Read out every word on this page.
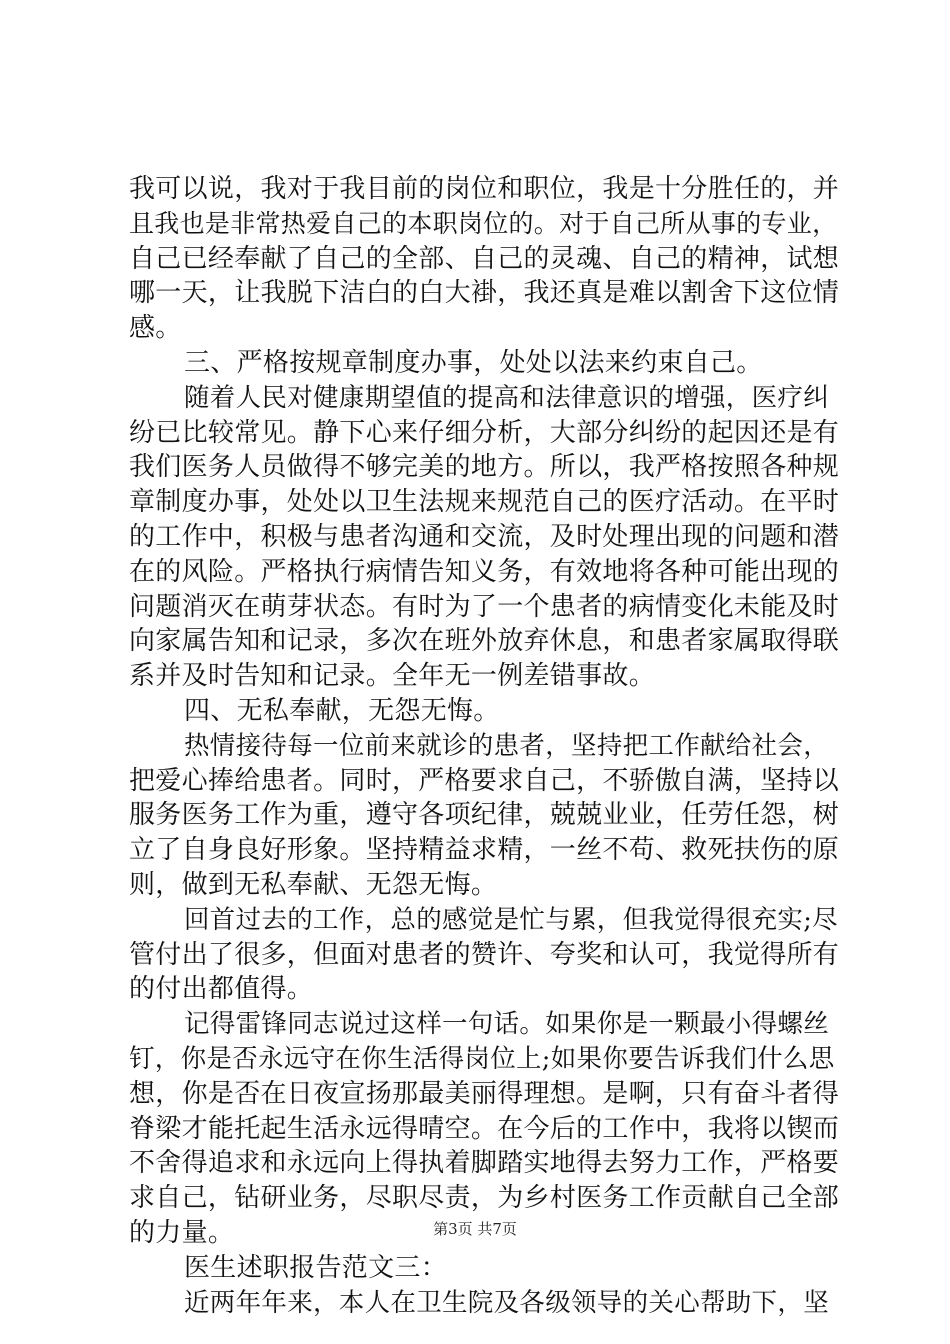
我可以说，我对于我目前的岗位和职位，我是十分胜任的，并
且我也是非常热爱自己的本职岗位的。对于自己所从事的专业，
自己已经奉献了自己的全部、自己的灵魂、自己的精神，试想
哪一天，让我脱下洁白的白大褂，我还真是难以割舍下这位情
感。
三、严格按规章制度办事，处处以法来约束自己。
随着人民对健康期望值的提高和法律意识的增强，医疗纠
纷已比较常见。静下心来仔细分析，大部分纠纷的起因还是有
我们医务人员做得不够完美的地方。所以，我严格按照各种规
章制度办事，处处以卫生法规来规范自己的医疗活动。在平时
的工作中，积极与患者沟通和交流，及时处理出现的问题和潜
在的风险。严格执行病情告知义务，有效地将各种可能出现的
问题消灭在萌芽状态。有时为了一个患者的病情变化未能及时
向家属告知和记录，多次在班外放弃休息，和患者家属取得联
系并及时告知和记录。全年无一例差错事故。
四、无私奉献，无怨无悔。
热情接待每一位前来就诊的患者，坚持把工作献给社会，
把爱心捧给患者。同时，严格要求自己，不骄傲自满，坚持以
服务医务工作为重，遵守各项纪律，兢兢业业，任劳任怨，树
立了自身良好形象。坚持精益求精，一丝不苟、救死扶伤的原
则，做到无私奉献、无怨无悔。
回首过去的工作，总的感觉是忙与累，但我觉得很充实;尽
管付出了很多，但面对患者的赞许、夸奖和认可，我觉得所有
的付出都值得。
记得雷锋同志说过这样一句话。如果你是一颗最小得螺丝
钉，你是否永远守在你生活得岗位上;如果你要告诉我们什么思
想，你是否在日夜宣扬那最美丽得理想。是啊，只有奋斗者得
脊梁才能托起生活永远得晴空。在今后的工作中，我将以锲而
不舍得追求和永远向上得执着脚踏实地得去努力工作，严格要
求自己，钻研业务，尽职尽责，为乡村医务工作贡献自己全部
的力量。
医生述职报告范文三：
近两年年来，本人在卫生院及各级领导的关心帮助下，坚
第3页 共7页
